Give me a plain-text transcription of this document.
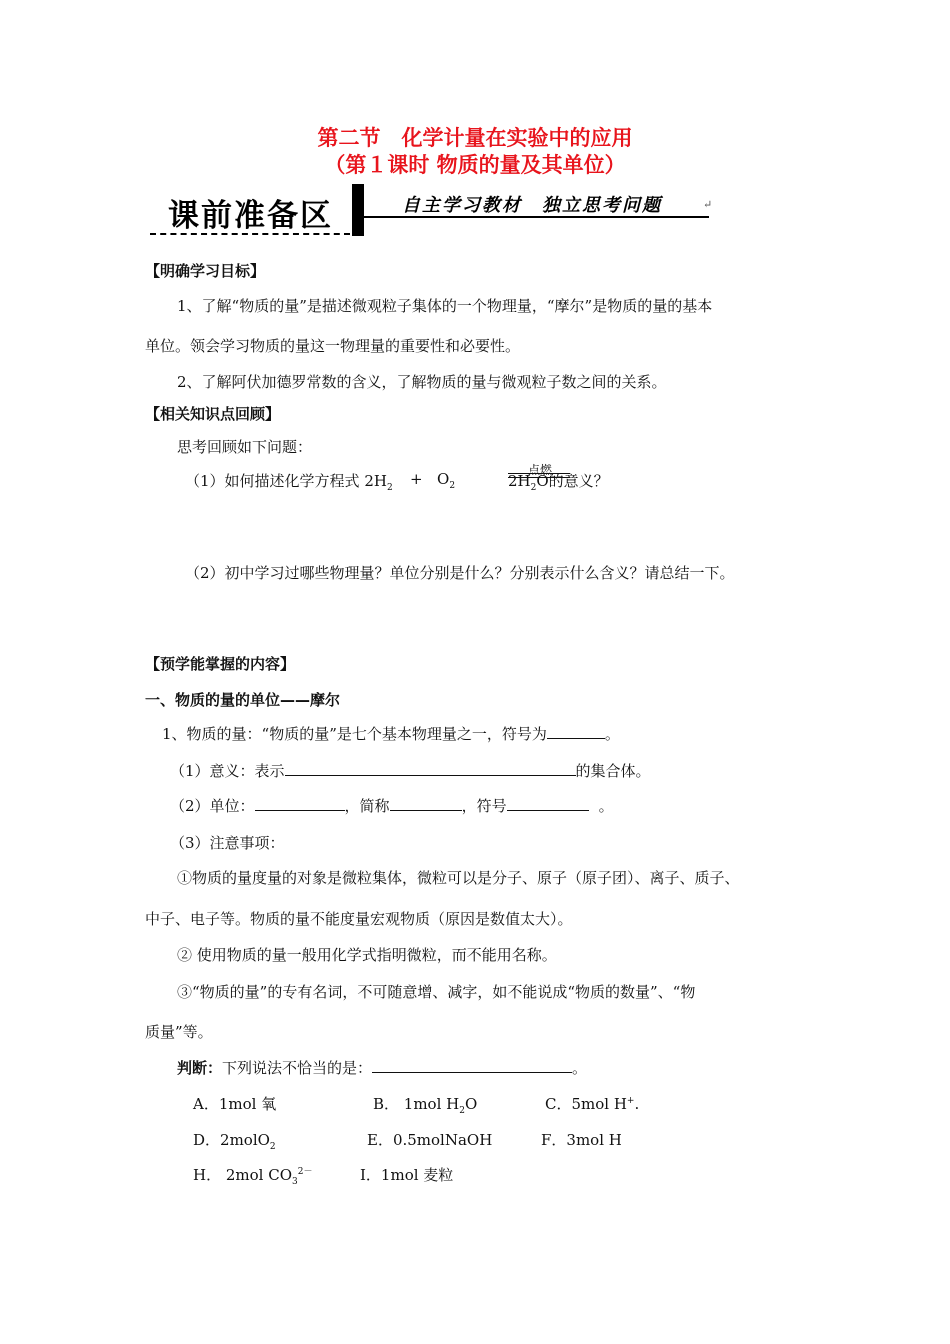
第二节　化学计量在实验中的应用
（第１课时 物质的量及其单位）
课前准备区	自主学习教材　独立思考问题	↵
【明确学习目标】
1、了解“物质的量”是描述微观粒子集体的一个物理量，“摩尔”是物质的量的基本
单位。领会学习物质的量这一物理量的重要性和必要性。
2、了解阿伏加德罗常数的含义，了解物质的量与微观粒子数之间的关系。
【相关知识点回顾】
思考回顾如下问题：
（1）如何描述化学方程式 $2H_2 + O_2$
点燃
$2H_2O$的意义？
（2）初中学习过哪些物理量？单位分别是什么？分别表示什么含义？请总结一下。
【预学能掌握的内容】
一、物质的量的单位——摩尔
1、物质的量：“物质的量”是七个基本物理量之一，符号为	。
（1）意义：表示	的集合体。
（2）单位：	，简称	，符号	。
（3）注意事项：
①物质的量度量的对象是微粒集体，微粒可以是分子、原子（原子团）、离子、质子、
中子、电子等。物质的量不能度量宏观物质（原因是数值太大）。
② 使用物质的量一般用化学式指明微粒，而不能用名称。
③“物质的量”的专有名词，不可随意增、减字，如不能说成“物质的数量”、“物
质量”等。
判断：下列说法不恰当的是：	。
A．1mol 氧	B． 1mol $H_2O$	C．5mol H+.
D．2molO$_2$	E．0.5molNaOH	F．3mol H
H． 2mol $CO_3^{2-}$	I．1mol 麦粒
